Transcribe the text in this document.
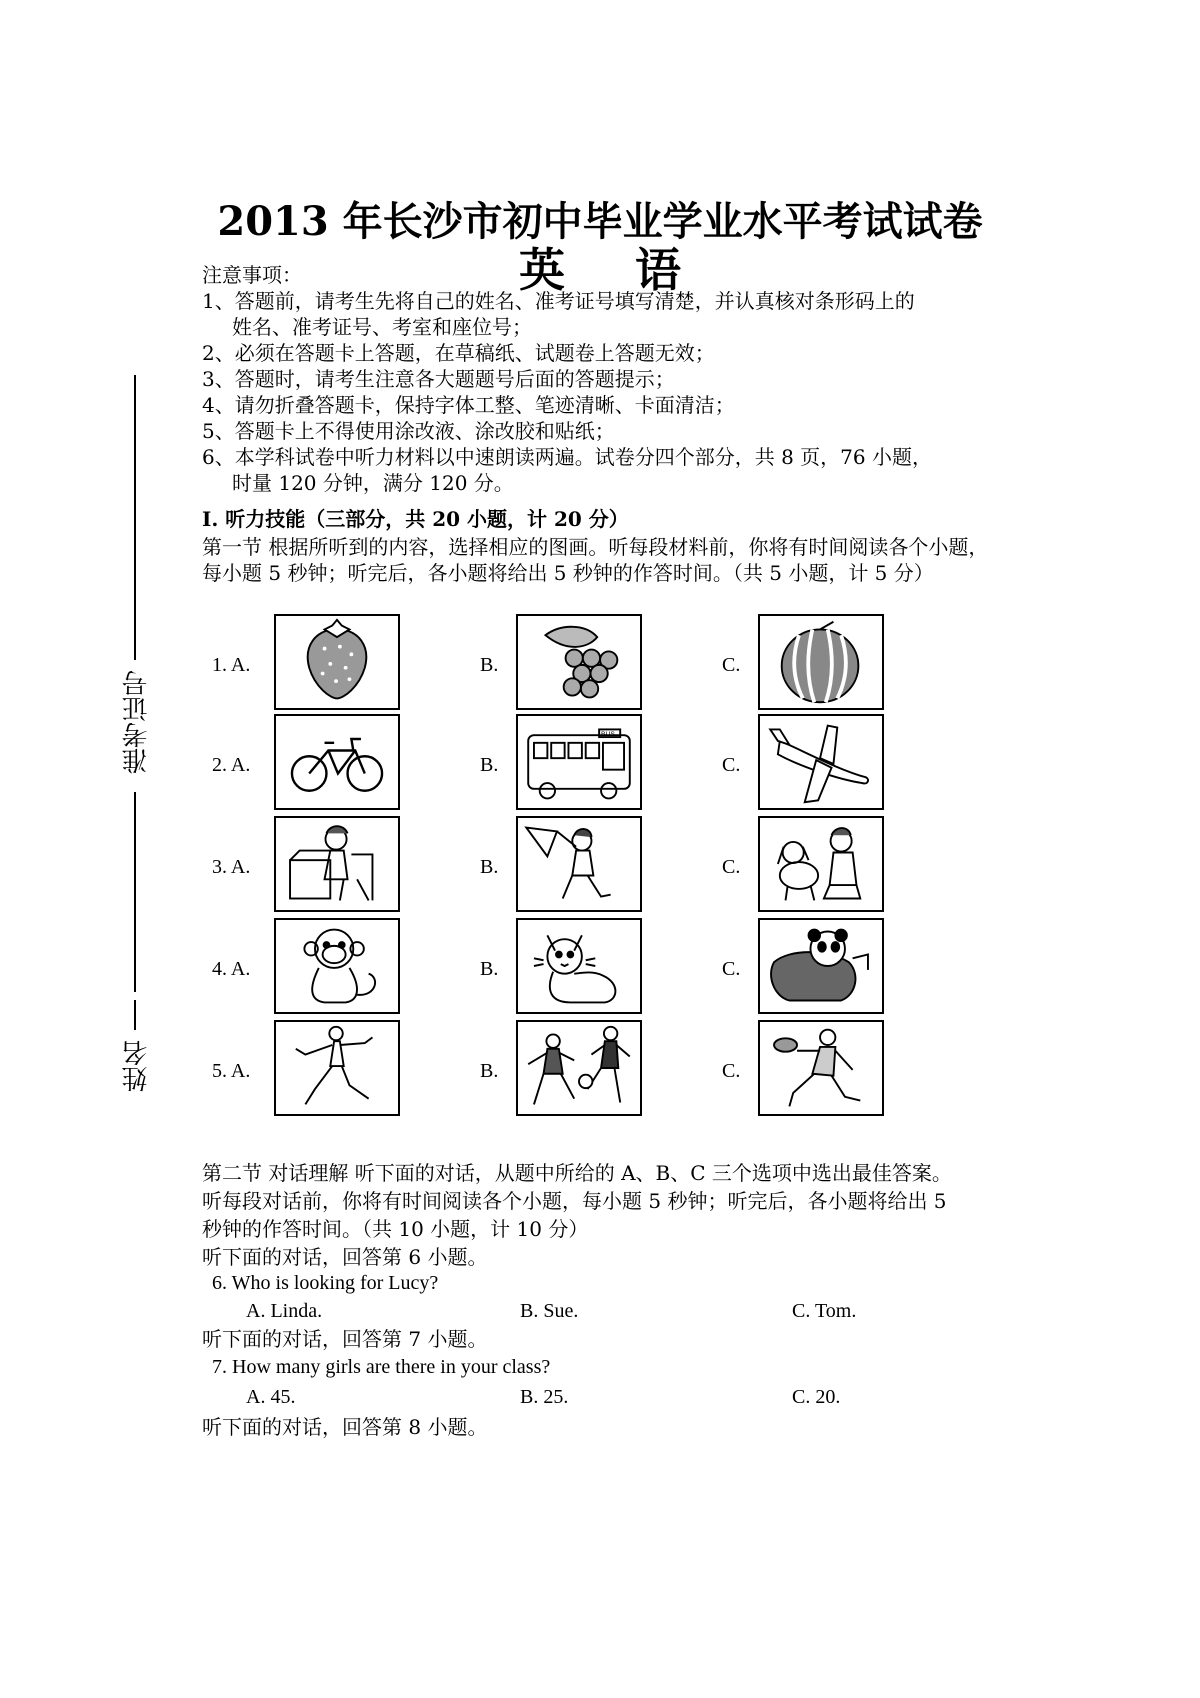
准考证号
姓名
2013 年长沙市初中毕业学业水平考试试卷
英语
注意事项：
1、答题前，请考生先将自己的姓名、准考证号填写清楚，并认真核对条形码上的
姓名、准考证号、考室和座位号；
2、必须在答题卡上答题，在草稿纸、试题卷上答题无效；
3、答题时，请考生注意各大题题号后面的答题提示；
4、请勿折叠答题卡，保持字体工整、笔迹清晰、卡面清洁；
5、答题卡上不得使用涂改液、涂改胶和贴纸；
6、本学科试卷中听力材料以中速朗读两遍。试卷分四个部分，共 8 页，76 小题，
时量 120 分钟，满分 120 分。
I. 听力技能（三部分，共 20 小题，计 20 分）
第一节 根据所听到的内容，选择相应的图画。听每段材料前，你将有时间阅读各个小题，
每小题 5 秒钟；听完后，各小题将给出 5 秒钟的作答时间。（共 5 小题，计 5 分）
1. A.	B.	C.
2. A.	B.
BUS
C.
3. A.	B.	C.
4. A.	B.	C.
5. A.	B.	C.
第二节 对话理解 听下面的对话，从题中所给的 A、B、C 三个选项中选出最佳答案。
听每段对话前，你将有时间阅读各个小题，每小题 5 秒钟；听完后，各小题将给出 5
秒钟的作答时间。（共 10 小题，计 10 分）
听下面的对话，回答第 6 小题。
6. Who is looking for Lucy?
A. Linda.	B. Sue.	C. Tom.
听下面的对话，回答第 7 小题。
7. How many girls are there in your class?
A. 45.	B. 25.	C. 20.
听下面的对话，回答第 8 小题。
